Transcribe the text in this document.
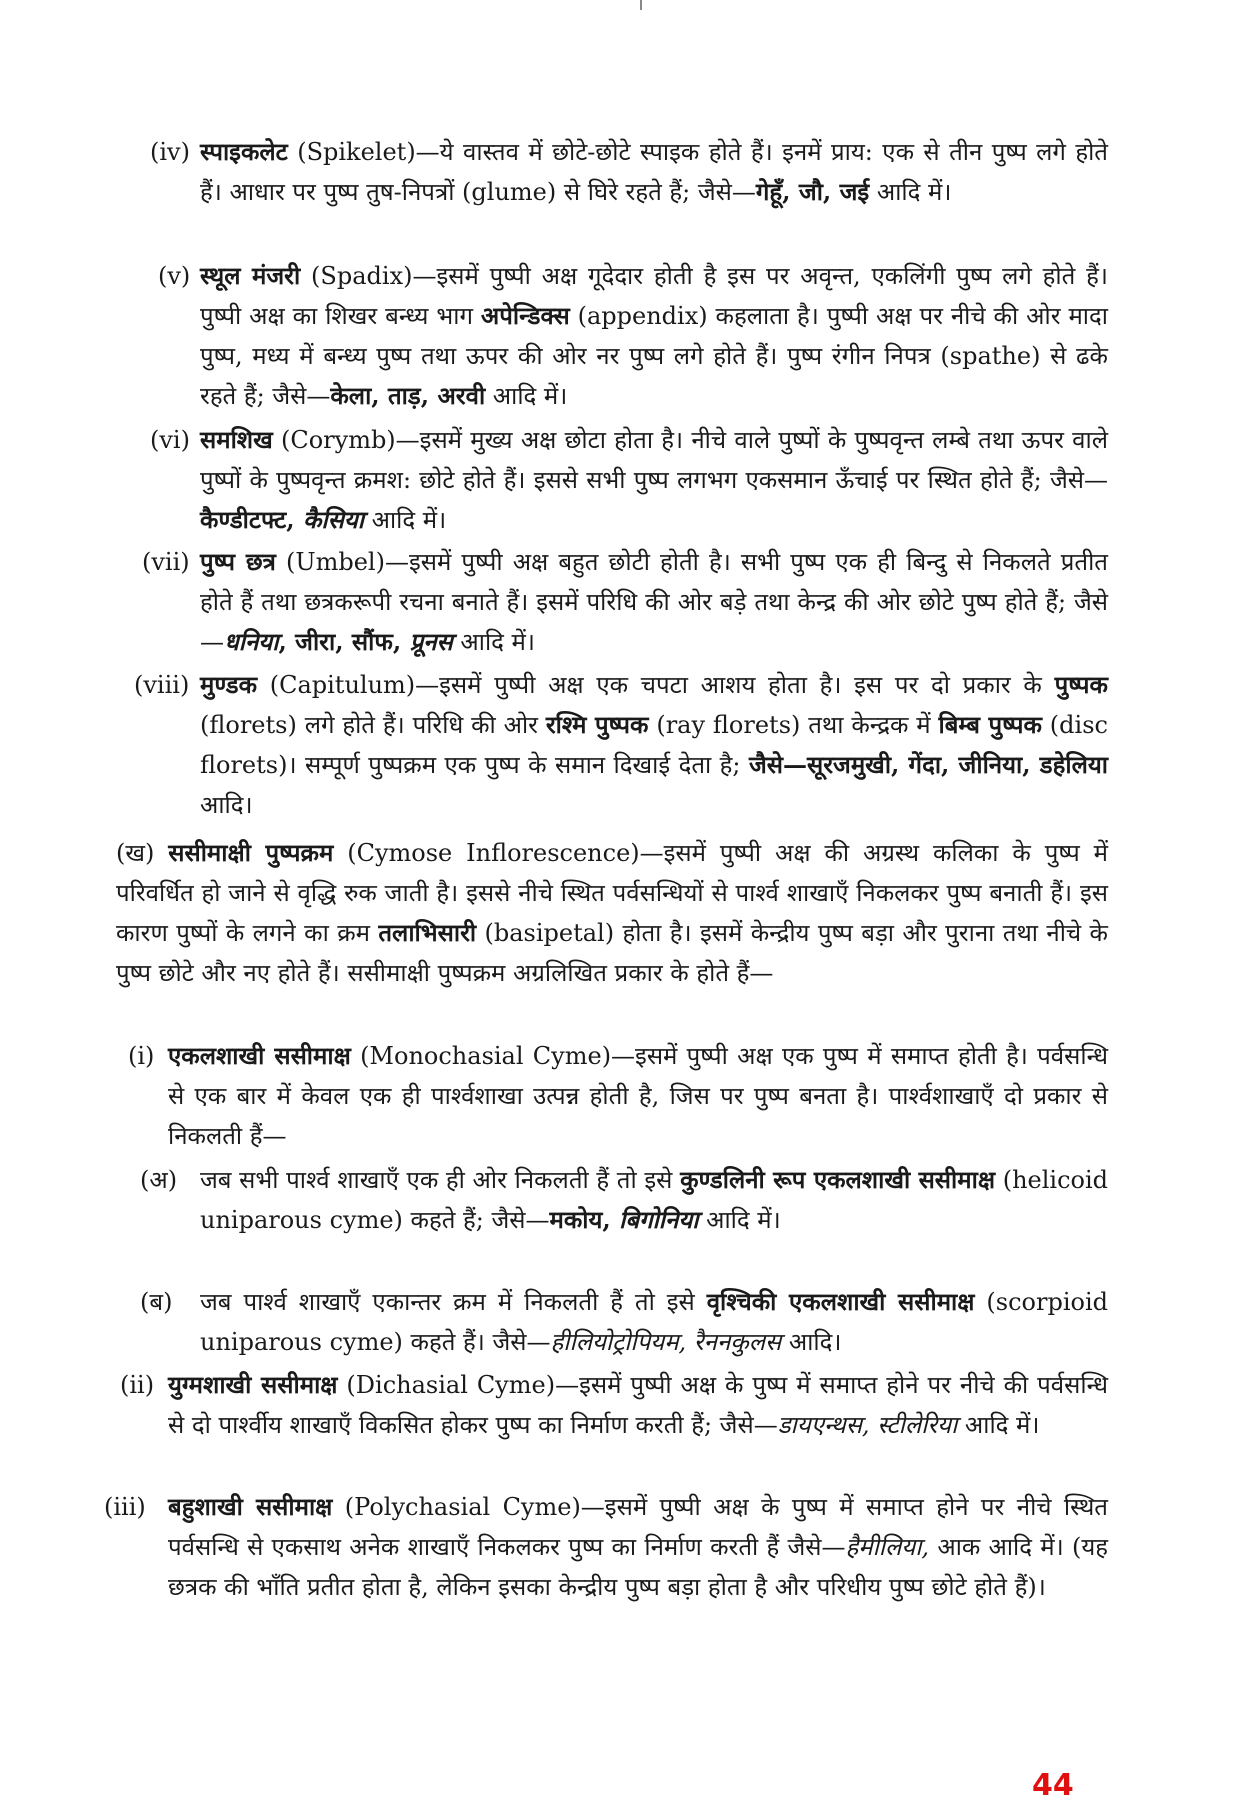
(iv) स्पाइकलेट (Spikelet)—ये वास्तव में छोटे-छोटे स्पाइक होते हैं। इनमें प्राय: एक से तीन पुष्प लगे होते हैं। आधार पर पुष्प तुष-निपत्रों (glume) से घिरे रहते हैं; जैसे—गेहूँ, जौ, जई आदि में।
(v) स्थूल मंजरी (Spadix)—इसमें पुष्पी अक्ष गूदेदार होती है इस पर अवृन्त, एकलिंगी पुष्प लगे होते हैं। पुष्पी अक्ष का शिखर बन्ध्य भाग अपेन्डिक्स (appendix) कहलाता है। पुष्पी अक्ष पर नीचे की ओर मादा पुष्प, मध्य में बन्ध्य पुष्प तथा ऊपर की ओर नर पुष्प लगे होते हैं। पुष्प रंगीन निपत्र (spathe) से ढके रहते हैं; जैसे—केला, ताड़, अरवी आदि में।
(vi) समशिख (Corymb)—इसमें मुख्य अक्ष छोटा होता है। नीचे वाले पुष्पों के पुष्पवृन्त लम्बे तथा ऊपर वाले पुष्पों के पुष्पवृन्त क्रमश: छोटे होते हैं। इससे सभी पुष्प लगभग एकसमान ऊँचाई पर स्थित होते हैं; जैसे—कैण्डीटफ्ट, कैसिया आदि में।
(vii) पुष्प छत्र (Umbel)—इसमें पुष्पी अक्ष बहुत छोटी होती है। सभी पुष्प एक ही बिन्दु से निकलते प्रतीत होते हैं तथा छत्रकरूपी रचना बनाते हैं। इसमें परिधि की ओर बड़े तथा केन्द्र की ओर छोटे पुष्प होते हैं; जैसे—धनिया, जीरा, सौंफ, प्रूनस आदि में।
(viii) मुण्डक (Capitulum)—इसमें पुष्पी अक्ष एक चपटा आशय होता है। इस पर दो प्रकार के पुष्पक (florets) लगे होते हैं। परिधि की ओर रश्मि पुष्पक (ray florets) तथा केन्द्रक में बिम्ब पुष्पक (disc florets)। सम्पूर्ण पुष्पक्रम एक पुष्प के समान दिखाई देता है; जैसे—सूरजमुखी, गेंदा, जीनिया, डहेलिया आदि।
(ख) ससीमाक्षी पुष्पक्रम (Cymose Inflorescence)—इसमें पुष्पी अक्ष की अग्रस्थ कलिका के पुष्प में परिवर्धित हो जाने से वृद्धि रुक जाती है। इससे नीचे स्थित पर्वसन्धियों से पार्श्व शाखाएँ निकलकर पुष्प बनाती हैं। इस कारण पुष्पों के लगने का क्रम तलाभिसारी (basipetal) होता है। इसमें केन्द्रीय पुष्प बड़ा और पुराना तथा नीचे के पुष्प छोटे और नए होते हैं। ससीमाक्षी पुष्पक्रम अग्रलिखित प्रकार के होते हैं—
(i) एकलशाखी ससीमाक्ष (Monochasial Cyme)—इसमें पुष्पी अक्ष एक पुष्प में समाप्त होती है। पर्वसन्धि से एक बार में केवल एक ही पार्श्वशाखा उत्पन्न होती है, जिस पर पुष्प बनता है। पार्श्वशाखाएँ दो प्रकार से निकलती हैं—
(अ) जब सभी पार्श्व शाखाएँ एक ही ओर निकलती हैं तो इसे कुण्डलिनी रूप एकलशाखी ससीमाक्ष (helicoid uniparous cyme) कहते हैं; जैसे—मकोय, बिगोनिया आदि में।
(ब) जब पार्श्व शाखाएँ एकान्तर क्रम में निकलती हैं तो इसे वृश्चिकी एकलशाखी ससीमाक्ष (scorpioid uniparous cyme) कहते हैं। जैसे—हीलियोट्रोपियम, रैननकुलस आदि।
(ii) युग्मशाखी ससीमाक्ष (Dichasial Cyme)—इसमें पुष्पी अक्ष के पुष्प में समाप्त होने पर नीचे की पर्वसन्धि से दो पार्श्वीय शाखाएँ विकसित होकर पुष्प का निर्माण करती हैं; जैसे—डायएन्थस, स्टीलेरिया आदि में।
(iii) बहुशाखी ससीमाक्ष (Polychasial Cyme)—इसमें पुष्पी अक्ष के पुष्प में समाप्त होने पर नीचे स्थित पर्वसन्धि से एकसाथ अनेक शाखाएँ निकलकर पुष्प का निर्माण करती हैं जैसे—हैमीलिया, आक आदि में। (यह छत्रक की भाँति प्रतीत होता है, लेकिन इसका केन्द्रीय पुष्प बड़ा होता है और परिधीय पुष्प छोटे होते हैं)।
44
